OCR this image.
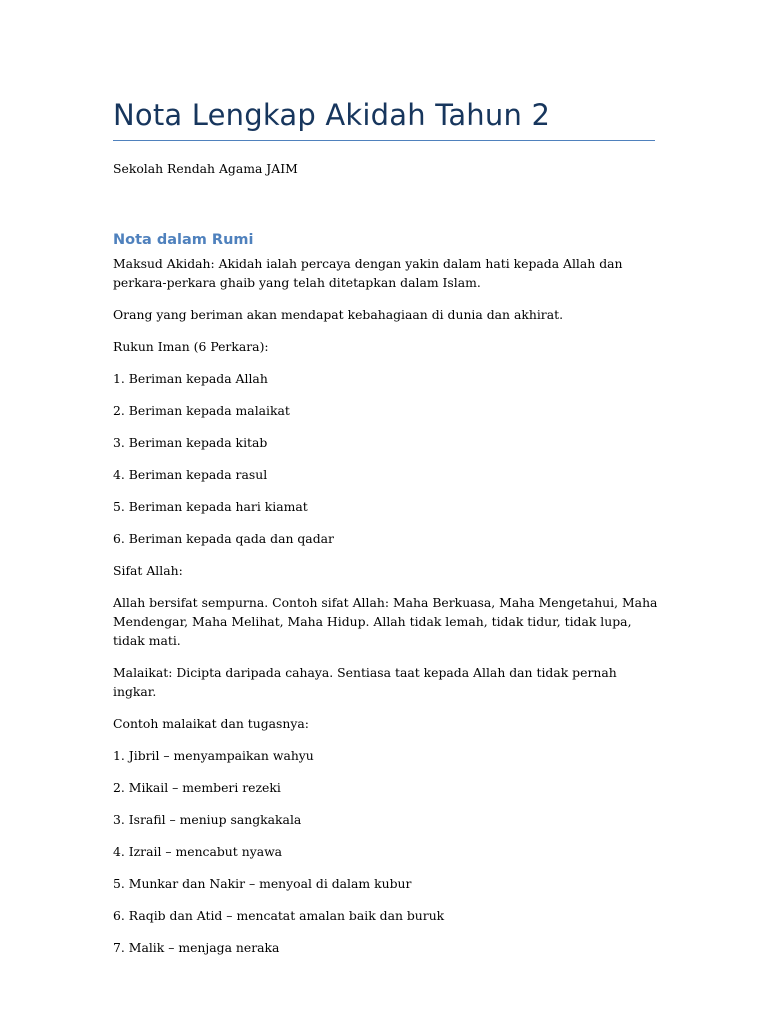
Nota Lengkap Akidah Tahun 2

Sekolah Rendah Agama JAIM

Nota dalam Rumi

Maksud Akidah: Akidah ialah percaya dengan yakin dalam hati kepada Allah dan perkara-perkara ghaib yang telah ditetapkan dalam Islam.

Orang yang beriman akan mendapat kebahagiaan di dunia dan akhirat.

Rukun Iman (6 Perkara):

1. Beriman kepada Allah

2. Beriman kepada malaikat

3. Beriman kepada kitab

4. Beriman kepada rasul

5. Beriman kepada hari kiamat

6. Beriman kepada qada dan qadar

Sifat Allah:

Allah bersifat sempurna. Contoh sifat Allah: Maha Berkuasa, Maha Mengetahui, Maha Mendengar, Maha Melihat, Maha Hidup. Allah tidak lemah, tidak tidur, tidak lupa, tidak mati.

Malaikat: Dicipta daripada cahaya. Sentiasa taat kepada Allah dan tidak pernah ingkar.

Contoh malaikat dan tugasnya:

1. Jibril – menyampaikan wahyu

2. Mikail – memberi rezeki

3. Israfil – meniup sangkakala

4. Izrail – mencabut nyawa

5. Munkar dan Nakir – menyoal di dalam kubur

6. Raqib dan Atid – mencatat amalan baik dan buruk

7. Malik – menjaga neraka
